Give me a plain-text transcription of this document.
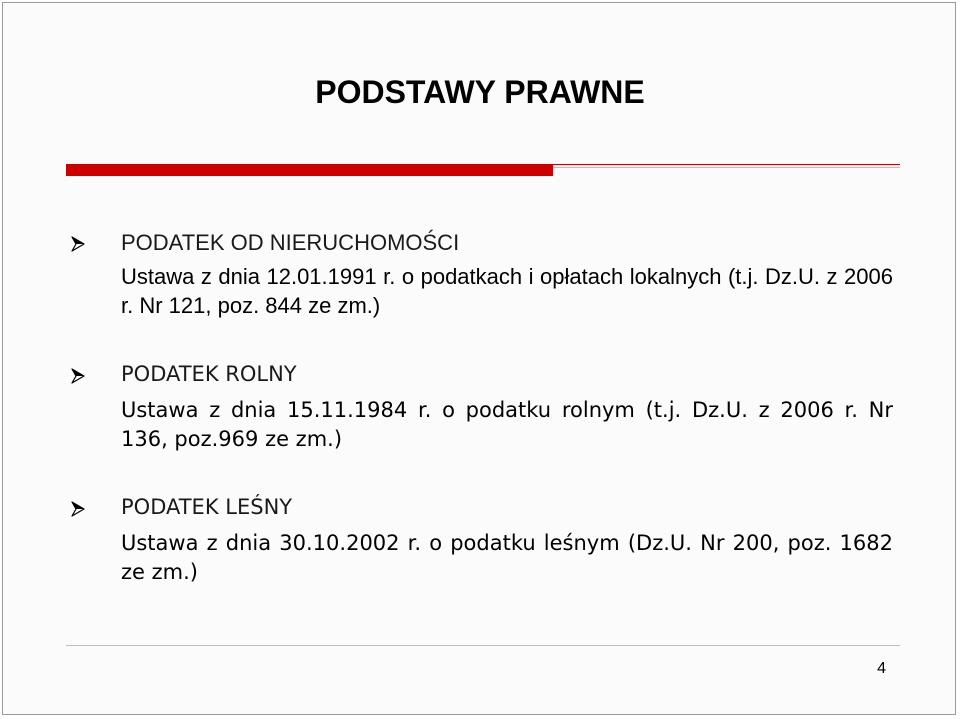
PODSTAWY PRAWNE

PODATEK OD NIERUCHOMOŚCI

Ustawa z dnia 12.01.1991 r. o podatkach i opłatach lokalnych (t.j. Dz.U. z 2006 r. Nr 121, poz. 844 ze zm.)

PODATEK ROLNY

Ustawa z dnia 15.11.1984 r. o podatku rolnym (t.j. Dz.U. z 2006 r. Nr 136, poz.969 ze zm.)

PODATEK LEŚNY

Ustawa z dnia 30.10.2002 r. o podatku leśnym (Dz.U. Nr 200, poz. 1682 ze zm.)

4
